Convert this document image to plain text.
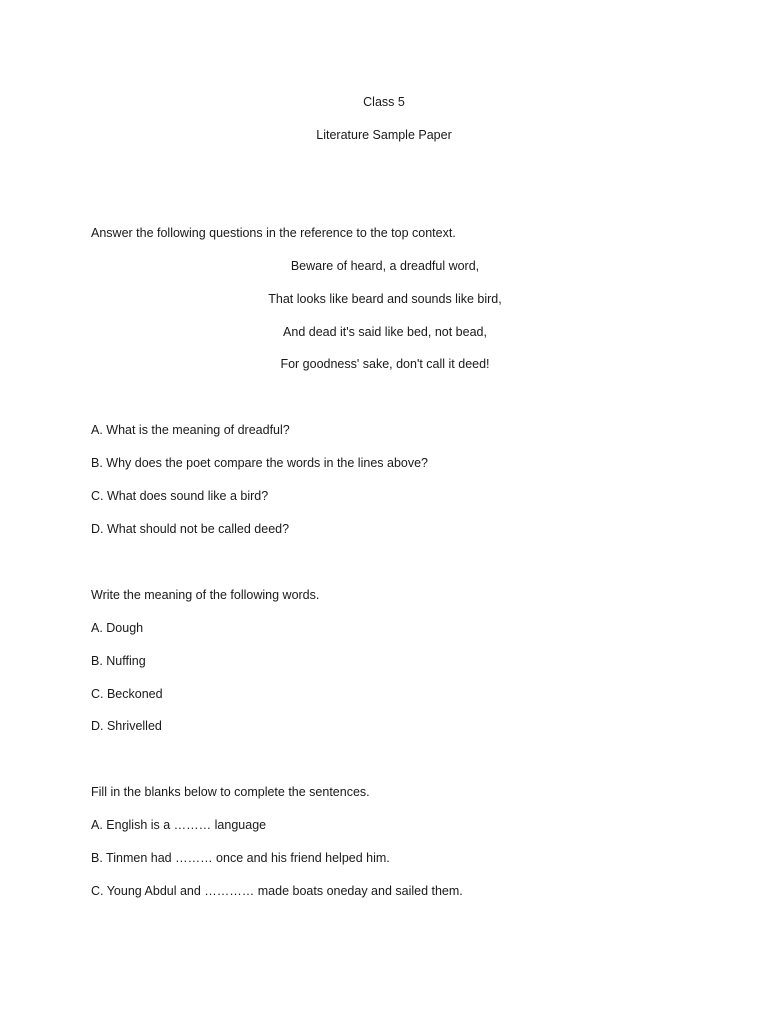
Class 5
Literature Sample Paper
Answer the following questions in the reference to the top context.
Beware of heard, a dreadful word,
That looks like beard and sounds like bird,
And dead it's said like bed, not bead,
For goodness' sake, don't call it deed!
A. What is the meaning of dreadful?
B. Why does the poet compare the words in the lines above?
C. What does sound like a bird?
D. What should not be called deed?
Write the meaning of the following words.
A. Dough
B. Nuffing
C. Beckoned
D. Shrivelled
Fill in the blanks below to complete the sentences.
A. English is a ……… language
B. Tinmen had ……… once and his friend helped him.
C. Young Abdul and ………… made boats oneday and sailed them.
